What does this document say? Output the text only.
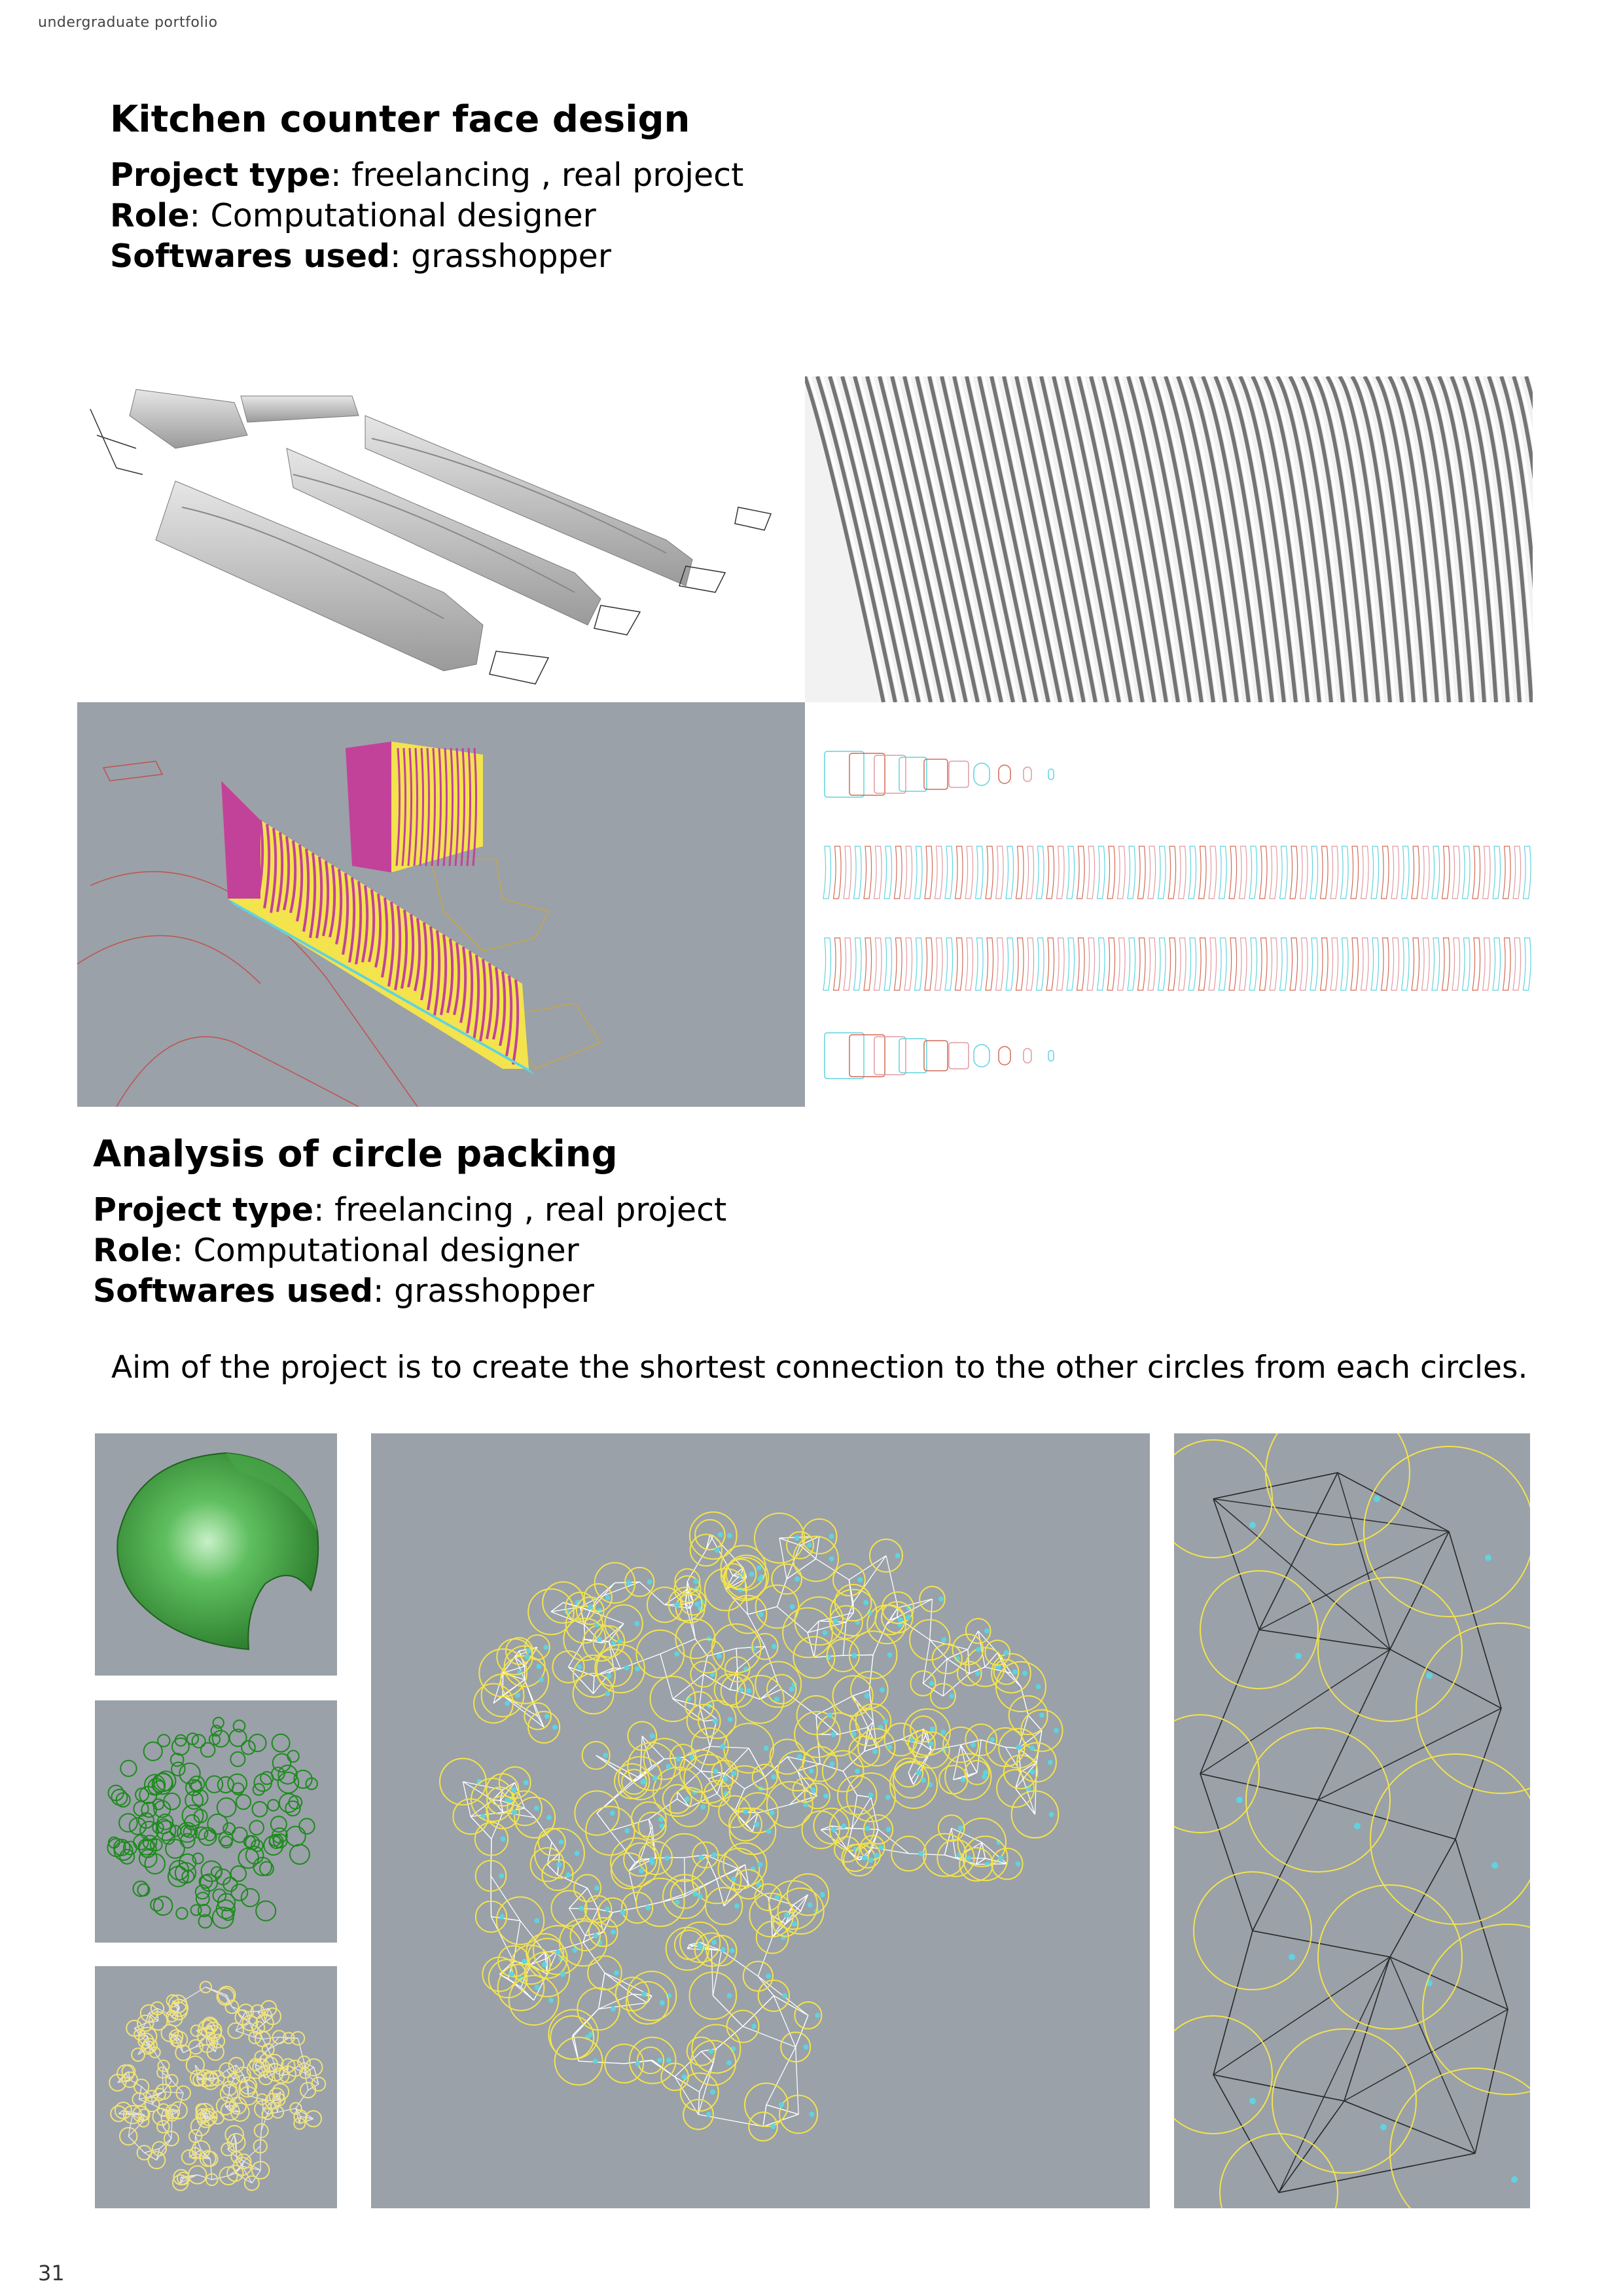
undergraduate portfolio
Kitchen counter face design
Project type: freelancing , real project
Role: Computational designer
Softwares used: grasshopper
Analysis of circle packing
Project type: freelancing , real project
Role: Computational designer
Softwares used: grasshopper
Aim of the project is to create the shortest connection to the other circles from each circles.
31
